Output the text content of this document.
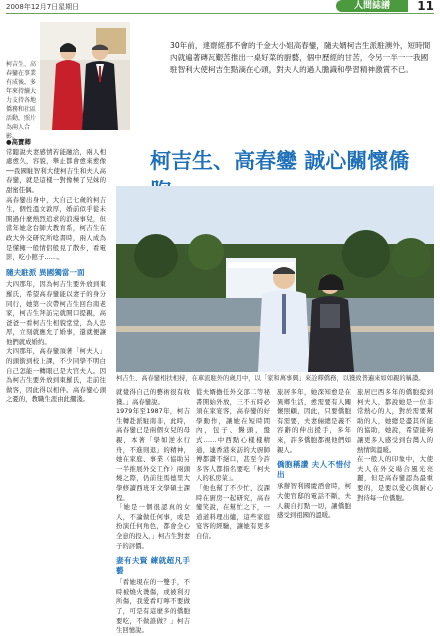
2008年12月7日星期日	人間誌譜	11
柯吉生、高春鑾在事業有成後，多年來持續大力支持各地僑務和社區活動，照片為兩人合影。
30年前，達齋經那不會的千金大小姐高春鑾，隨夫婿柯吉生派駐澳外，短時間內就遍著磚瓦艱苦推出一桌好菜的廚藝，個中歷經的甘苦，令另一半一一我國駐智利大使柯吉生點滴在心頭，對夫人的過人膽識和學習精神激賞不已。
柯吉生、高春鑾 誠心關懷僑

●高寶卿

常聽說夫妻感情若能融洽，兩人相處愈久，容貌，舉止都會愈來愈像──我國駐智利大使柯吉生和夫人高春鑾，就是這樣一對像極了兄妹的甜蜜佳偶。

高春鑾出身中，大自己七歲的柯吉生，個性溫文敦厚，婚前似乎從未開過什麼熱烈追求的浪漫事兒，但當年她念台師大教育系，柯吉生在政大外交研究所唸書時，兩人成為是懂擁一般情侶般見了散步，看電影，吃小館子……。

隨夫駐派 異國獨當一面

大四那年，因為柯吉生要外放到東羅氏，希望高春鑾能以妻子的身分同行，她第一次帶柯吉生回台南老家，柯吉生拜訪完就開口提親，高爸爸一看柯吉生相貌堂堂，為人忠厚，立刻就應允了婚事，還就便讓他們就成婚約。

大四那年，高春鑾頂著「柯夫人」的頭銜到校上課，不少同學不明白自己怎能一轉眼已是大官夫人。因為柯吉生要外放到東羅氏，走前往做客，因此得以相伴。高春鑾心頭之憂的，教職生涯由此擱淺。

柯吉生、高春鑾相扶相持，在車流駐外的歲月中，以「家和萬事興」來詮釋僑務，以獲致普遍來如如親的稱讚。

就覺得自己的藝術很有收獲。」高春鑾說。

1979年至1987年，柯吉生轉赴派駐南非，此時，高春鑾已是兩個女兒的母親，本著「學如逆水行舟，不進則退」的精神，她在家庭、事業（協助另一半推展外交工作）兩頭燒之際，仍前往馬德里大學修讀西班牙文學碩士課程。

「她是一個很認真的女人，不論做任何事，或是扮演任何角色，都會全心全意的投入，」柯吉生對妻子的評價。

妻有夫賢 練就超凡手藝

「看她現在的一雙手，不時被燒火燙傷，或被利刃所傷，我愛看叮嚀不要做了，可是有這麼多的僑胞要吃，不做誰做？」柯吉生回憶說。

從夫婿擔任外交部二等秘書開始外放，三不五時必須在家宴客，高春鑾的好學動作，讓她在短時間內，包子、饅頭，盤式……中西點心樣樣精通，連香港來訪的大廚師傅都讚不絕口，甚至今許多客人都指名要吃「柯夫人的私房菜」。

「他也幫了不少忙，沒課時在廚房一起研究，高春鑾笑說，在幫忙之下，一道道料理出爐，這些家庭宴客的經驗，讓她有更多自信。

旅居多年，她深知愈是在異鄉生活，愈需要有人關懷照顧，因此，只要僑胞有需要，夫妻倆總是義不容辭的伸出援手，多年來，許多僑胞都視他們如親人。

僑胞稱讚 夫人不惜付出

承辦智利國慶酒會時，柯大使官邸的電話不斷，夫人親自打點一切，讓僑胞感受到祖國的溫暖。

旅居巴西多年的僑胞提到柯夫人，都說她是一位非常熱心的人，對於需要幫助的人，她總是盡其所能的協助，她說，希望能夠讓更多人感受到台灣人的熱情與溫暖。

在一般人的印象中，大使夫人在外交場合風光亮麗，但是高春鑾認為最重要的，是要以愛心與耐心對待每一位僑胞。
